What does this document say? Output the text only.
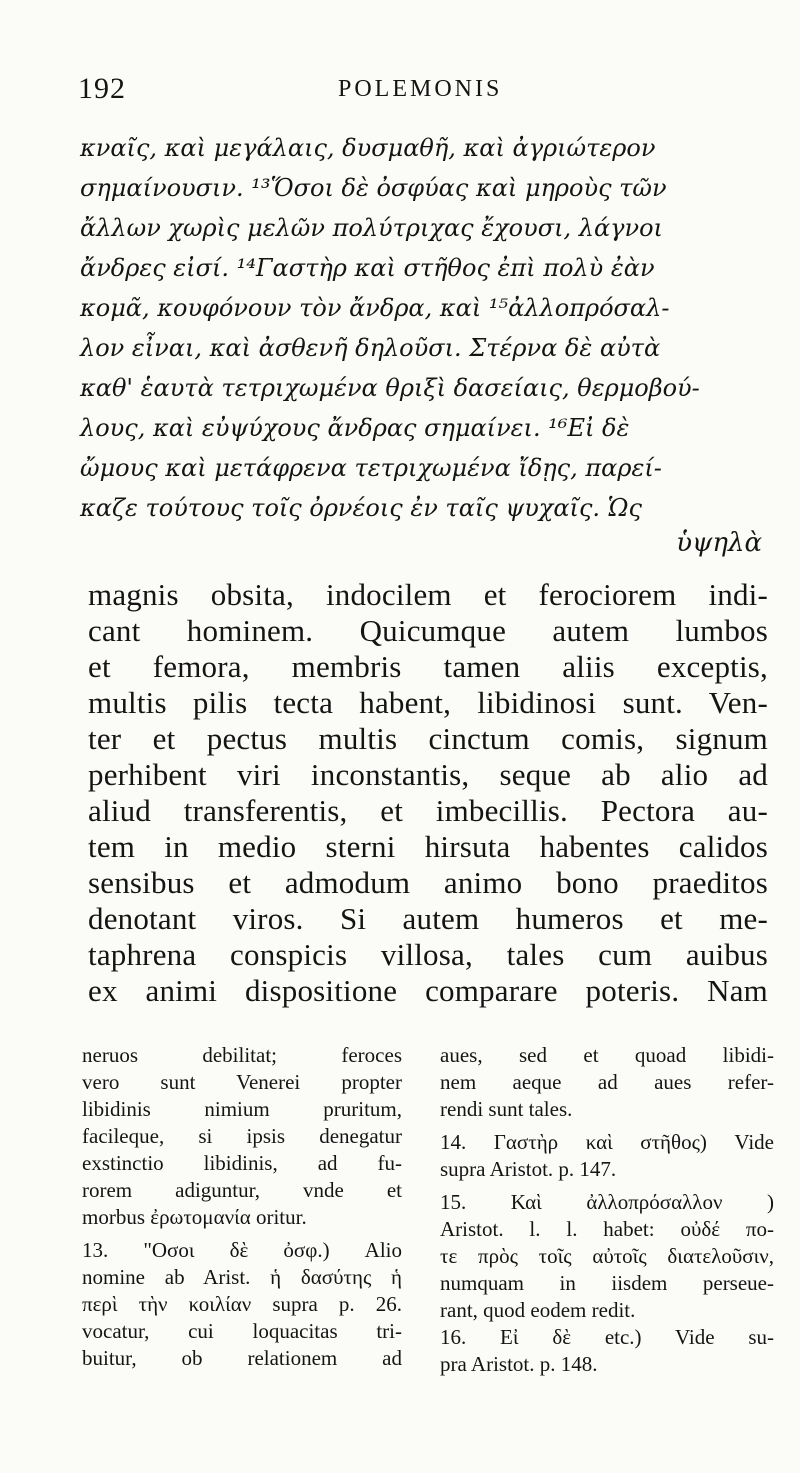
192	POLEMONIS
κναῖς, καὶ μεγάλαις, δυσμαθῆ, καὶ ἀγριώτερον
σημαίνουσιν. ¹³Ὅσοι δὲ ὀσφύας καὶ μηροὺς τῶν
ἄλλων χωρὶς μελῶν πολύτριχας ἔχουσι, λάγνοι
ἄνδρες εἰσί. ¹⁴Γαστὴρ καὶ στῆθος ἐπὶ πολὺ ἐὰν
κομᾶ, κουφόνουν τὸν ἄνδρα, καὶ ¹⁵ἀλλοπρόσαλ-
λον εἶναι, καὶ ἀσθενῆ δηλοῦσι. Στέρνα δὲ αὐτὰ
καθ' ἑαυτὰ τετριχωμένα θριξὶ δασείαις, θερμοβού-
λους, καὶ εὐψύχους ἄνδρας σημαίνει. ¹⁶Εἰ δὲ
ὤμους καὶ μετάφρενα τετριχωμένα ἴδῃς, παρεί-
καζε τούτους τοῖς ὀρνέοις ἐν ταῖς ψυχαῖς. Ὡς
ὑψηλὰ
magnis obsita, indocilem et ferociorem indi-
cant hominem. Quicumque autem lumbos
et femora, membris tamen aliis exceptis,
multis pilis tecta habent, libidinosi sunt. Ven-
ter et pectus multis cinctum comis, signum
perhibent viri inconstantis, seque ab alio ad
aliud transferentis, et imbecillis. Pectora au-
tem in medio sterni hirsuta habentes calidos
sensibus et admodum animo bono praeditos
denotant viros. Si autem humeros et me-
taphrena conspicis villosa, tales cum auibus
ex animi dispositione comparare poteris. Nam
neruos debilitat; feroces
vero sunt Venerei propter
libidinis nimium pruritum,
facileque, si ipsis denegatur
exstinctio libidinis, ad fu-
rorem adiguntur, vnde et
morbus ἐρωτομανία oritur.
13. "Οσοι δὲ ὀσφ.) Alio
nomine ab Arist. ἡ δασύτης ἡ
περὶ τὴν κοιλίαν supra p. 26.
vocatur, cui loquacitas tri-
buitur, ob relationem ad
aues, sed et quoad libidi-
nem aeque ad aues refer-
rendi sunt tales.
14. Γαστὴρ καὶ στῆθος) Vide
supra Aristot. p. 147.
15. Καὶ ἀλλοπρόσαλλον )
Aristot. l. l. habet: οὐδέ πο-
τε πρὸς τοῖς αὐτοῖς διατελοῦσιν,
numquam in iisdem perseue-
rant, quod eodem redit.
16. Εἰ δὲ etc.) Vide su-
pra Aristot. p. 148.
